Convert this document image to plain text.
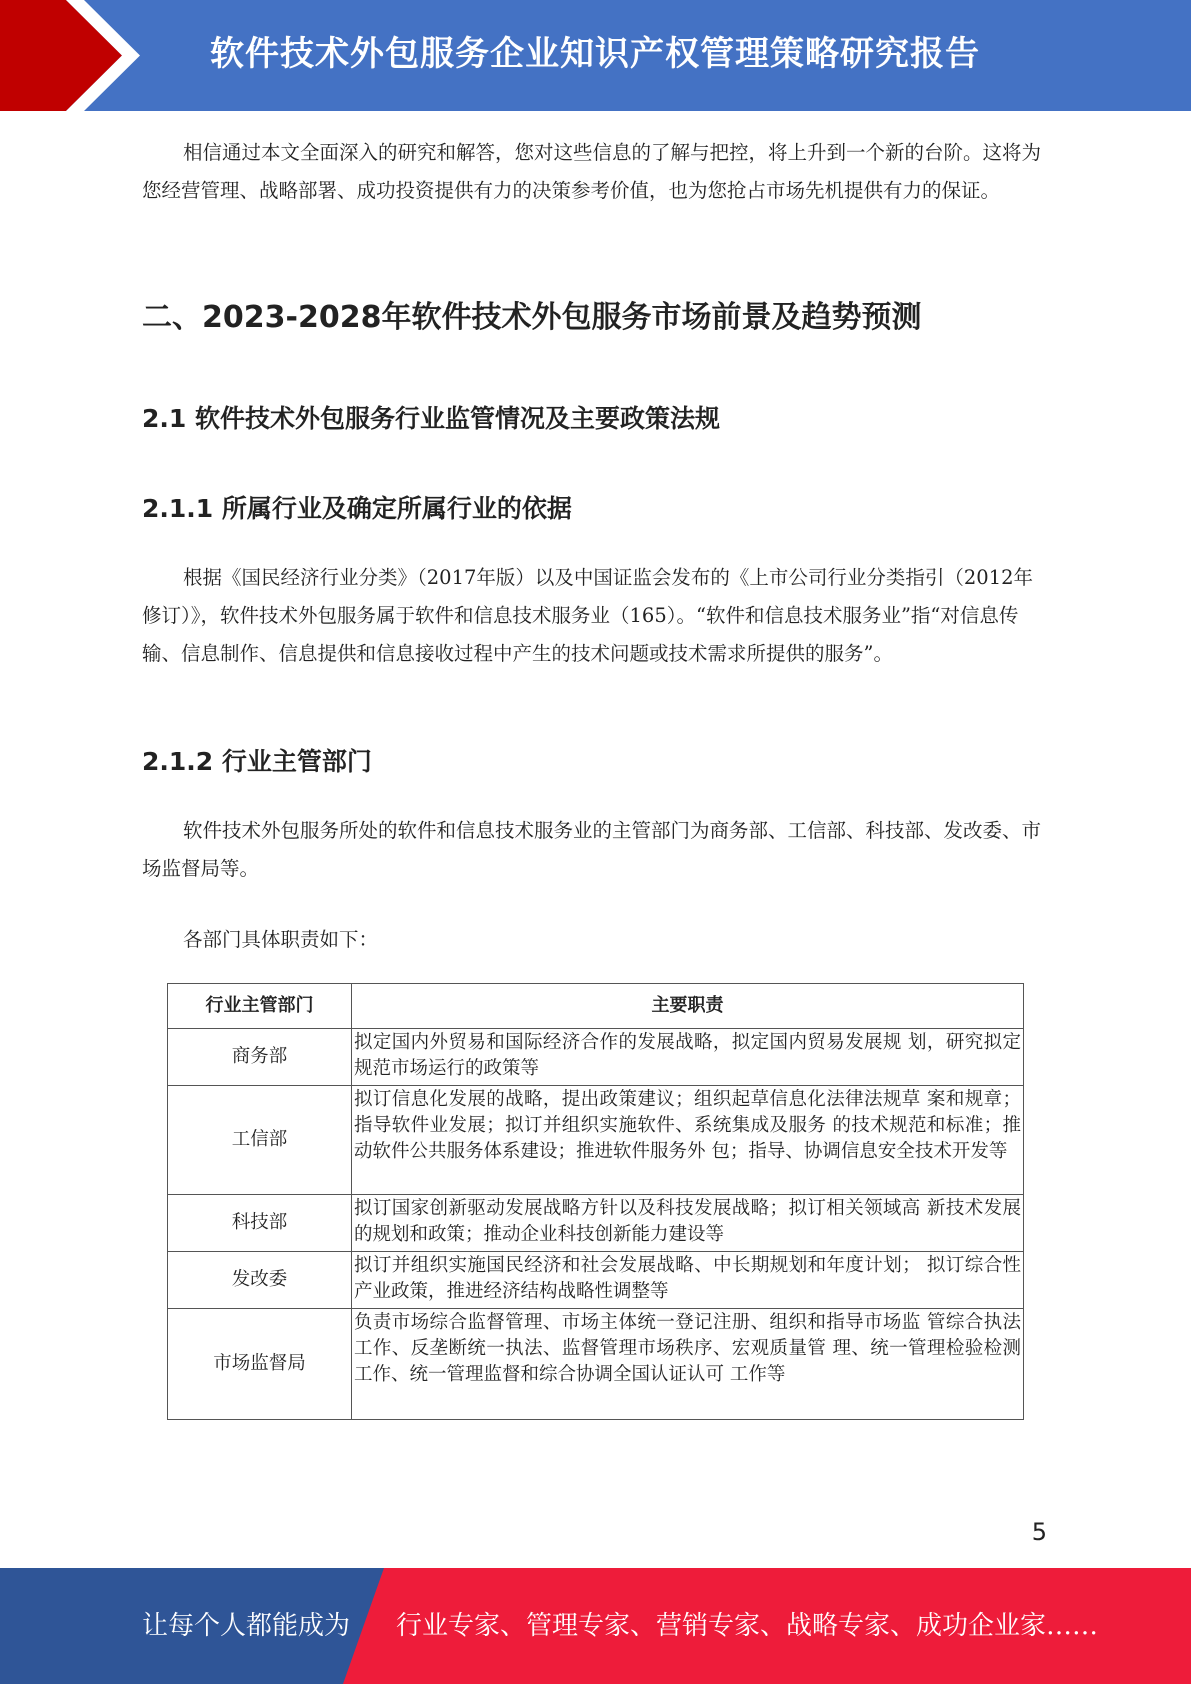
软件技术外包服务企业知识产权管理策略研究报告

相信通过本文全面深入的研究和解答，您对这些信息的了解与把控，将上升到一个新的台阶。这将为您经营管理、战略部署、成功投资提供有力的决策参考价值，也为您抢占市场先机提供有力的保证。

二、2023-2028年软件技术外包服务市场前景及趋势预测
2.1 软件技术外包服务行业监管情况及主要政策法规
2.1.1 所属行业及确定所属行业的依据

根据《国民经济行业分类》（2017年版）以及中国证监会发布的《上市公司行业分类指引（2012年修订）》，软件技术外包服务属于软件和信息技术服务业（165）。“软件和信息技术服务业”指“对信息传输、信息制作、信息提供和信息接收过程中产生的技术问题或技术需求所提供的服务”。

2.1.2 行业主管部门

软件技术外包服务所处的软件和信息技术服务业的主管部门为商务部、工信部、科技部、发改委、市场监督局等。

各部门具体职责如下：

行业主管部门	主要职责
商务部	拟定国内外贸易和国际经济合作的发展战略，拟定国内贸易发展规 划，研究拟定规范市场运行的政策等
工信部	拟订信息化发展的战略，提出政策建议；组织起草信息化法律法规草 案和规章；指导软件业发展；拟订并组织实施软件、系统集成及服务 的技术规范和标准；推动软件公共服务体系建设；推进软件服务外 包；指导、协调信息安全技术开发等
科技部	拟订国家创新驱动发展战略方针以及科技发展战略；拟订相关领域高 新技术发展的规划和政策；推动企业科技创新能力建设等
发改委	拟订并组织实施国民经济和社会发展战略、中长期规划和年度计划； 拟订综合性产业政策，推进经济结构战略性调整等
市场监督局	负责市场综合监督管理、市场主体统一登记注册、组织和指导市场监 管综合执法工作、反垄断统一执法、监督管理市场秩序、宏观质量管 理、统一管理检验检测工作、统一管理监督和综合协调全国认证认可 工作等
5
让每个人都能成为 行业专家、管理专家、营销专家、战略专家、成功企业家……
